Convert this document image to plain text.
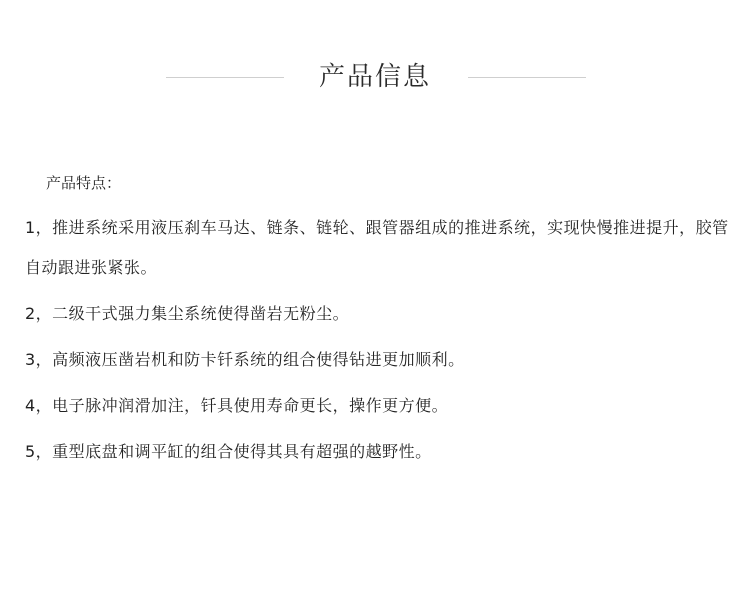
产品信息
产品特点：
1，推进系统采用液压刹车马达、链条、链轮、跟管器组成的推进系统，实现快慢推进提升，胶管自动跟进张紧张。
2，二级干式强力集尘系统使得凿岩无粉尘。
3，高频液压凿岩机和防卡钎系统的组合使得钻进更加顺利。
4，电子脉冲润滑加注，钎具使用寿命更长，操作更方便。
5，重型底盘和调平缸的组合使得其具有超强的越野性。
